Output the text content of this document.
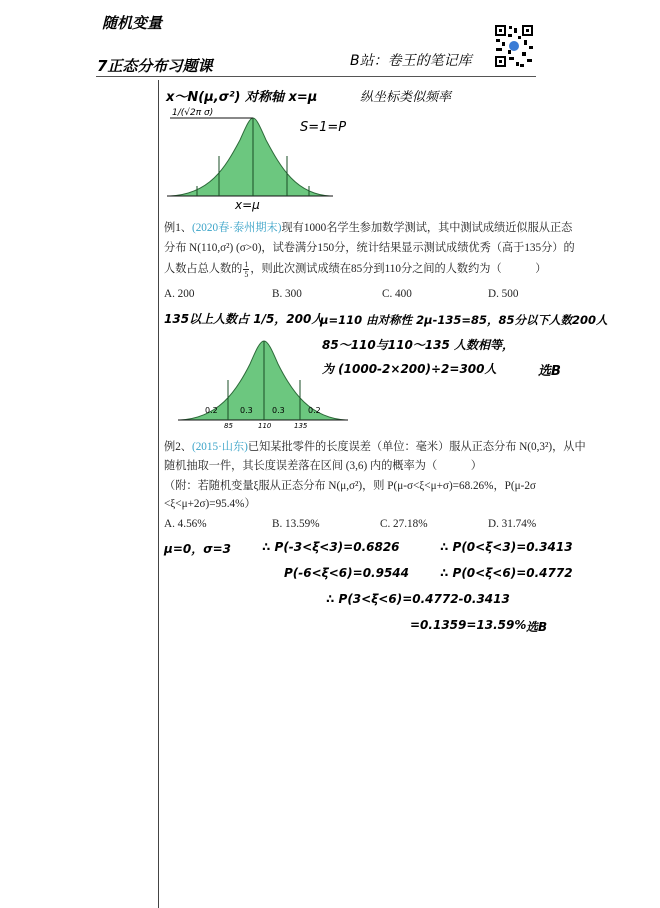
随机变量
7正态分布习题课	B站：卷王的笔记库
x～N(μ,σ²) 对称轴 x=μ	纵坐标类似频率
1/(√2π σ)
S=1=P
x=μ
例1、(2020春·泰州期末)现有1000名学生参加数学测试，其中测试成绩近似服从正态
分布 N(110,σ²) (σ>0)，试卷满分150分，统计结果显示测试成绩优秀（高于135分）的
人数占总人数的 $\frac{1}{5}$ ，则此次测试成绩在85分到110分之间的人数约为（　　　）
A. 200	B. 300	C. 400	D. 500
135以上人数占 1/5，200人
μ=110 由对称性 2μ-135=85，85分以下人数200人
85～110与110～135 人数相等，
为 (1000-2×200)÷2=300人	选B
0.2	0.3 0.3	0.2
85	110	135
例2、(2015·山东)已知某批零件的长度误差（单位：毫米）服从正态分布 N(0,3²)，从中
随机抽取一件，其长度误差落在区间 (3,6) 内的概率为（　　　）
（附：若随机变量ξ服从正态分布 N(μ,σ²)，则 P(μ-σ<ξ<μ+σ)=68.26%，P(μ-2σ
<ξ<μ+2σ)=95.4%）
A. 4.56%	B. 13.59%	C. 27.18%	D. 31.74%
μ=0，σ=3	∴ P(-3<ξ<3)=0.6826	∴ P(0<ξ<3)=0.3413
P(-6<ξ<6)=0.9544	∴ P(0<ξ<6)=0.4772
∴ P(3<ξ<6)=0.4772-0.3413
=0.1359=13.59% 选B
